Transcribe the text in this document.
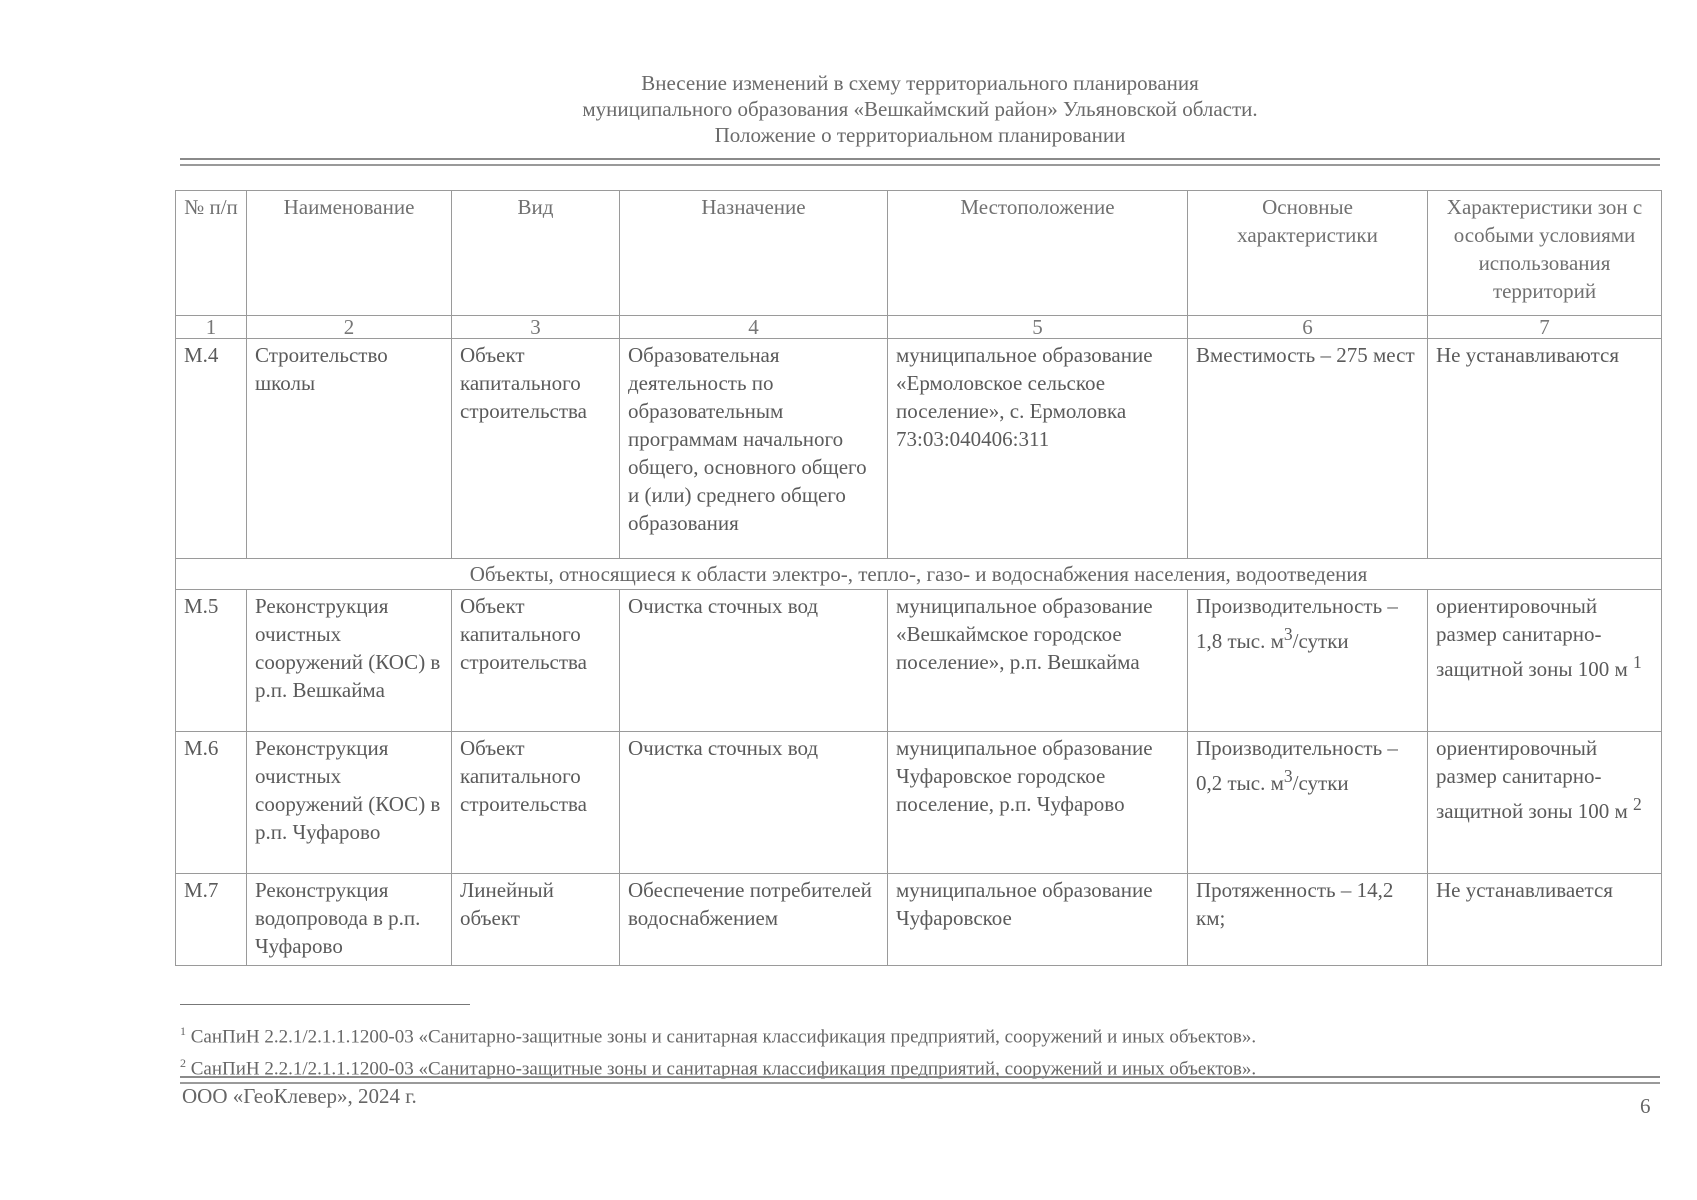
Внесение изменений в схему территориального планирования
муниципального образования «Вешкаймский район» Ульяновской области.
Положение о территориальном планировании
№ п/п	Наименование	Вид	Назначение	Местоположение	Основные характеристики	Характеристики зон с особыми условиями использования территорий
1	2	3	4	5	6	7
М.4	Строительство школы	Объект капитального строительства	Образовательная деятельность по образовательным программам начального общего, основного общего и (или) среднего общего образования	муниципальное образование «Ермоловское сельское поселение», с. Ермоловка 73:03:040406:311	Вместимость – 275 мест	Не устанавливаются
Объекты, относящиеся к области электро-, тепло-, газо- и водоснабжения населения, водоотведения						
М.5	Реконструкция очистных сооружений (КОС) в р.п. Вешкайма	Объект капитального строительства	Очистка сточных вод	муниципальное образование «Вешкаймское городское поселение», р.п. Вешкайма	Производительность – 1,8 тыс. $м^3$/сутки	ориентировочный размер санитарно-защитной зоны 100 м $^1$
М.6	Реконструкция очистных сооружений (КОС) в р.п. Чуфарово	Объект капитального строительства	Очистка сточных вод	муниципальное образование Чуфаровское городское поселение, р.п. Чуфарово	Производительность – 0,2 тыс. $м^3$/сутки	ориентировочный размер санитарно-защитной зоны 100 м $^2$
М.7	Реконструкция водопровода в р.п. Чуфарово	Линейный объект	Обеспечение потребителей водоснабжением	муниципальное образование Чуфаровское	Протяженность – 14,2 км;	Не устанавливается
$^1$ СанПиН 2.2.1/2.1.1.1200-03 «Санитарно-защитные зоны и санитарная классификация предприятий, сооружений и иных объектов».
$^2$ СанПиН 2.2.1/2.1.1.1200-03 «Санитарно-защитные зоны и санитарная классификация предприятий, сооружений и иных объектов».
ООО «ГеоКлевер», 2024 г.	6
